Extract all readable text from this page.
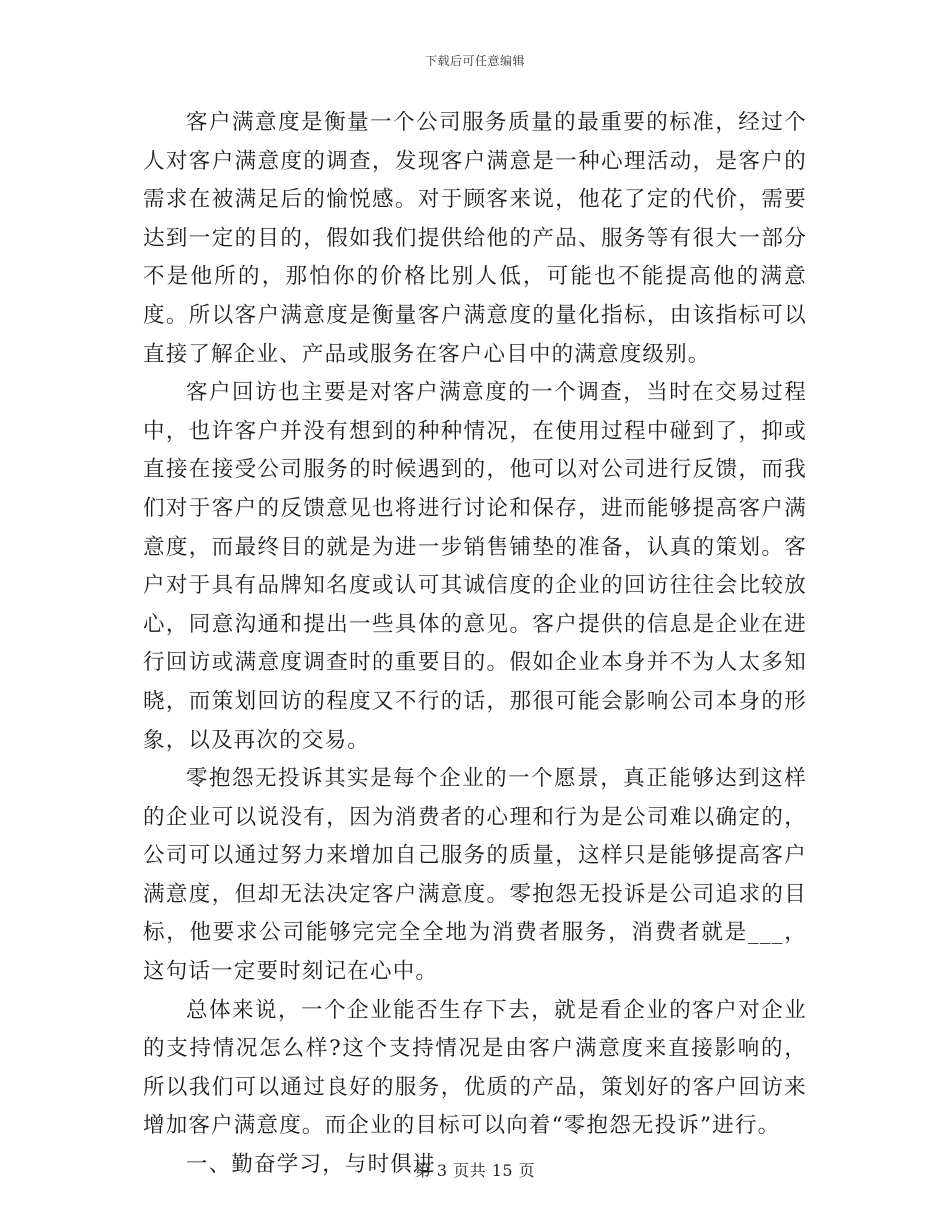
下载后可任意编辑

客户满意度是衡量一个公司服务质量的最重要的标准，经过个人对客户满意度的调查，发现客户满意是一种心理活动，是客户的需求在被满足后的愉悦感。对于顾客来说，他花了定的代价，需要达到一定的目的，假如我们提供给他的产品、服务等有很大一部分不是他所的，那怕你的价格比别人低，可能也不能提高他的满意度。所以客户满意度是衡量客户满意度的量化指标，由该指标可以直接了解企业、产品或服务在客户心目中的满意度级别。

客户回访也主要是对客户满意度的一个调查，当时在交易过程中，也许客户并没有想到的种种情况，在使用过程中碰到了，抑或直接在接受公司服务的时候遇到的，他可以对公司进行反馈，而我们对于客户的反馈意见也将进行讨论和保存，进而能够提高客户满意度，而最终目的就是为进一步销售铺垫的准备，认真的策划。客户对于具有品牌知名度或认可其诚信度的企业的回访往往会比较放心，同意沟通和提出一些具体的意见。客户提供的信息是企业在进行回访或满意度调查时的重要目的。假如企业本身并不为人太多知晓，而策划回访的程度又不行的话，那很可能会影响公司本身的形象，以及再次的交易。

零抱怨无投诉其实是每个企业的一个愿景，真正能够达到这样的企业可以说没有，因为消费者的心理和行为是公司难以确定的，公司可以通过努力来增加自己服务的质量，这样只是能够提高客户满意度，但却无法决定客户满意度。零抱怨无投诉是公司追求的目标，他要求公司能够完完全全地为消费者服务，消费者就是___，这句话一定要时刻记在心中。

总体来说，一个企业能否生存下去，就是看企业的客户对企业的支持情况怎么样?这个支持情况是由客户满意度来直接影响的，所以我们可以通过良好的服务，优质的产品，策划好的客户回访来增加客户满意度。而企业的目标可以向着“零抱怨无投诉”进行。

一、勤奋学习，与时俱进

第 3 页共 15 页
